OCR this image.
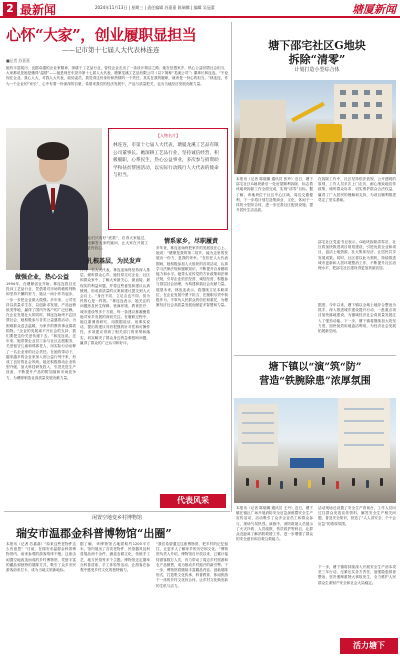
2 最新闻	2024年11月13日 | 星期三 | 责任编辑 苏嘉嘉 陈瑞娜 | 编辑 吴冠蕾	塘厦新闻
心怀“大家”，创业履职显担当
——记市第十七届人大代表林连连
■记者 苏嘉嘉
她有丰富阅历，也据卓越的企业家精神，深耕于工艺品行业，曾经企业走出了一条设计简洁之路；她在信感家乡，热心公益回馈社会担当，大家都说是她是懂得“温情”——她是现任东莞市第十七届人大代表、塘厦龙溪工艺品有限公司（以下简称“龙溪公司”）董事长林连连。“不论现在企业，我心人大，对我人大代表，政协委员，我觉得这份身份和热情的一个责任，其实在我的履职，就该是一份心的担当。”林连连，作为一个企业的“家长”，心中有着一份深深的自豪，希望来我们的经济发展中，产品与质量把关，也为当地经济发展贡献力量。
【人物名片】
林连连，市第十七届人大代表，塘厦龙溪工艺品有限公司董事长。她深耕工艺品行业，坚持诚信经营，积极履职，心系民生，热心公益事业，多次参与捐资助学和扶贫帮困活动，以实际行动践行人大代表的使命与担当。
做强企业，热心公益
1994年，在塘厦创业开始，林连连将目光投向工艺品行业，凭借着对市场的敏锐判断和坚持不懈的努力，她从一间小作坊起步，一步一步把企业做大做强。多年来，公司坚持以质量求生存，以创新求发展，产品远销欧美等地，赢得了国内外客户的广泛信赖。在企业发展壮大的同时，林连连始终不忘回馈社会，她积极参与各类公益慈善活动，为困难群众送去温暖，为家乡的教育事业捐款捐物。“企业的发展离不开社会的支持，我们要把这份关爱传递下去。”林连连说。近年来，她带领企业员工参与社区志愿服务，关爱留守儿童和孤寡老人，用实际行动诠释了一名企业家的社会责任。在她的带动下，越来越多的企业家加入到公益行列中来，形成了良好的社会风尚。她还积极推动企业转型升级，加大科技研发投入，引进先进生产设备，不断提升产品的附加值和市场竞争力，为塘厦制造业高质量发展贡献力量。
了企业们只有好“底数”，后得大家能过，林连连解答大家的疑问，让大家在开展工作中更有信心。
扎根基层，为民发声
作为一名人大代表，林连连始终坚持深入基层，倾听群众心声。她经常走访企业、社区和群众家中，了解大家最关心、最直接、最现实的利益问题，并将这些意见和建议认真梳理，形成高质量的议案和建议提交到人大会议上。“身在不同，立足点也不同，但为民的心是一样的。”林连连表示，她关注的问题涉及民生保障、营商环境、教育医疗、城市建设等多个方面，每一条建议都凝聚着她对家乡发展的深切关注。在履职过程中，她注重调查研究，用数据说话，用事实说话，提出的建议具有很强的针对性和可操作性，多项建议得到了相关部门的采纳和落实，切实解决了群众身边的急难愁盼问题，赢得了群众的广泛认可和好评。
情系家乡，尽职履责
多年来，林连连始终把家乡的发展放在心上。她说：“塘厦是我的第二故乡，能为这里的发展出一份力，是我的荣幸。”在担任人大代表期间，她积极参加人大组织的各项活动，认真学习法律法规和履职知识，不断提升自身履职能力和水平。她带头宣传党的方针政策和法律法规，引导企业依法经营、诚信经营，积极参与基层社会治理，为构建和谐社会贡献力量。展望未来，林连连表示，将继续立足本职岗位，在企业发展中勇于担当、在履职尽责中积极作为，不辜负人民群众的信任和重托，为塘厦经济社会高质量发展贡献更多智慧和力量。
代表风采
塘下邵宅社区G地块
拆除“清零”
计划打造小型综合体
本报讯（记者 陈瑞娜 通讯员 张玲）近日，塘下邵宅社区G地块最后一处房屋顺利拆除，标志着该地块拆除工作全面完成，实现“清零”目标。据了解，该地块位于社区中心区域，周边交通便利，下一步将计划打造集商业、文化、休闲于一体的小型综合体，进一步完善社区配套设施，提升居民生活品质。
在拆除工作中，社区坚持依法依规、公开透明的原则，工作人员多次上门走访，耐心细致地宣传政策，倾听群众诉求，切实维护群众合法权益，赢得了广大居民的理解和支持，为项目顺利推进奠定了坚实基础。
邵宅社区党委书记表示，G地块拆除清零后，社区将加快推进项目规划建设，引进优质企业和项目，盘活土地资源，壮大集体经济，让居民共享发展成果。同时，社区将以此为契机，持续推进城市更新和人居环境整治工作，不断提升社区治理水平，把邵宅社区建设得更加美丽宜居。
据悉，今年以来，塘下镇以全域土地综合整治为抓手，深入推进城乡建设提升行动，一批重点项目加快落地建设，为镇域经济社会高质量发展注入了强劲动能。下一步，塘下镇将继续加大攻坚力度，加快低效用地盘活利用，为经济社会发展拓展新空间。
塘下镇以“演”筑“防”
营造“铁腕除患”浓厚氛围
本报讯（记者 陈瑞娜 通讯员 王丹）近日，塘下镇在镇区广场开展消防安全应急演练暨安全生产宣传活动，活动吸引了众多企业员工和群众参与，现场气氛热烈。演练中，消防救援人员展示了火灾扑救、人员疏散、伤员救护等科目，让群众近距离了解消防救援工作，进一步增强了群众的安全意识和自救互救能力。
活动现场还设置了安全生产咨询台，工作人员向过往群众发放宣传资料，解答安全生产相关问题，普及安全知识，营造了“人人讲安全、个个会应急”的浓厚氛围。
下一步，塘下镇将持续深入开展安全生产治本攻坚三年行动，压紧压实各方责任，加强隐患排查整治，坚决遏制重特大事故发生，全力维护人民群众生命财产安全和社会大局稳定。
活力塘下
闲置空地变乡村博物馆
瑞安市温郡金科普博物馆“出圈”
本报讯（记者 苏嘉嘉）“原来这些老物件这么有意思！”日前，在瑞安市温郡金科普博物馆内，前来参观的游客络绎不绝。这座由闲置空地改造而成的乡村博物馆，凭借丰富的藏品和独特的展陈方式，吸引了众多市民游客前来打卡，成为当地文旅新地标。
据了解，该博物馆占地面积约1200平方米，馆内展出了各类老物件、民俗器具及科普展品两千余件，涵盖农耕文化、传统手工艺、地方民俗等多个主题。博物馆还定期举办科普讲座、手工体验等活动，让游客在参观中感受乡村文化的独特魅力。
“我们希望通过这座博物馆，把乡村的记忆留住，让更多人了解家乡的历史和文化。”博物馆负责人介绍，博物馆自开放以来，已累计接待游客数万人次，有力带动了周边乡村旅游和农产品销售，成为推动乡村振兴的新引擎。下一步，博物馆将继续丰富藏品内容，创新展陈形式，打造集文化传承、科普教育、休闲旅游于一体的乡村文化综合体，让乡村文化焕发新的生机与活力。
